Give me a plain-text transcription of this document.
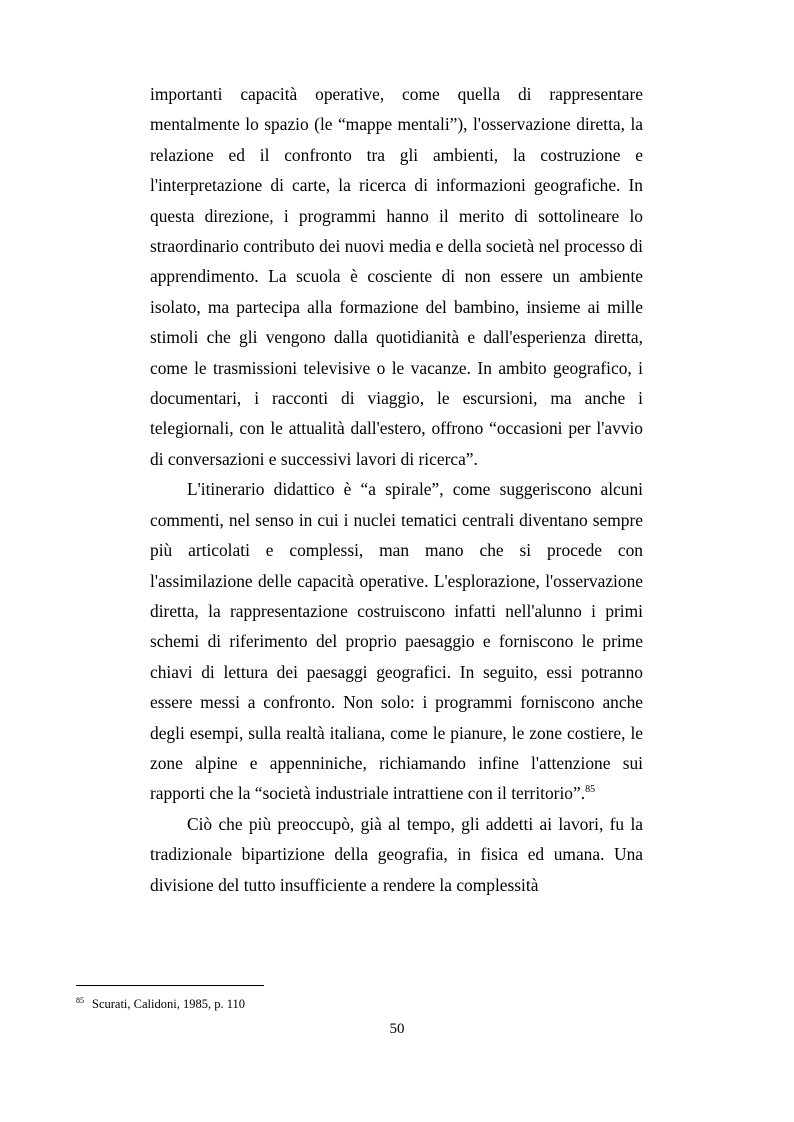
importanti capacità operative, come quella di rappresentare mentalmente lo spazio (le “mappe mentali”), l'osservazione diretta, la relazione ed il confronto tra gli ambienti, la costruzione e l'interpretazione di carte, la ricerca di informazioni geografiche. In questa direzione, i programmi hanno il merito di sottolineare lo straordinario contributo dei nuovi media e della società nel processo di apprendimento. La scuola è cosciente di non essere un ambiente isolato, ma partecipa alla formazione del bambino, insieme ai mille stimoli che gli vengono dalla quotidianità e dall'esperienza diretta, come le trasmissioni televisive o le vacanze. In ambito geografico, i documentari, i racconti di viaggio, le escursioni, ma anche i telegiornali, con le attualità dall'estero, offrono “occasioni per l'avvio di conversazioni e successivi lavori di ricerca”.

L'itinerario didattico è “a spirale”, come suggeriscono alcuni commenti, nel senso in cui i nuclei tematici centrali diventano sempre più articolati e complessi, man mano che si procede con l'assimilazione delle capacità operative. L'esplorazione, l'osservazione diretta, la rappresentazione costruiscono infatti nell'alunno i primi schemi di riferimento del proprio paesaggio e forniscono le prime chiavi di lettura dei paesaggi geografici. In seguito, essi potranno essere messi a confronto. Non solo: i programmi forniscono anche degli esempi, sulla realtà italiana, come le pianure, le zone costiere, le zone alpine e appenniniche, richiamando infine l'attenzione sui rapporti che la “società industriale intrattiene con il territorio”.$^{85}$

Ciò che più preoccupò, già al tempo, gli addetti ai lavori, fu la tradizionale bipartizione della geografia, in fisica ed umana. Una divisione del tutto insufficiente a rendere la complessità

$^{85}$ Scurati, Calidoni, 1985, p. 110
50
